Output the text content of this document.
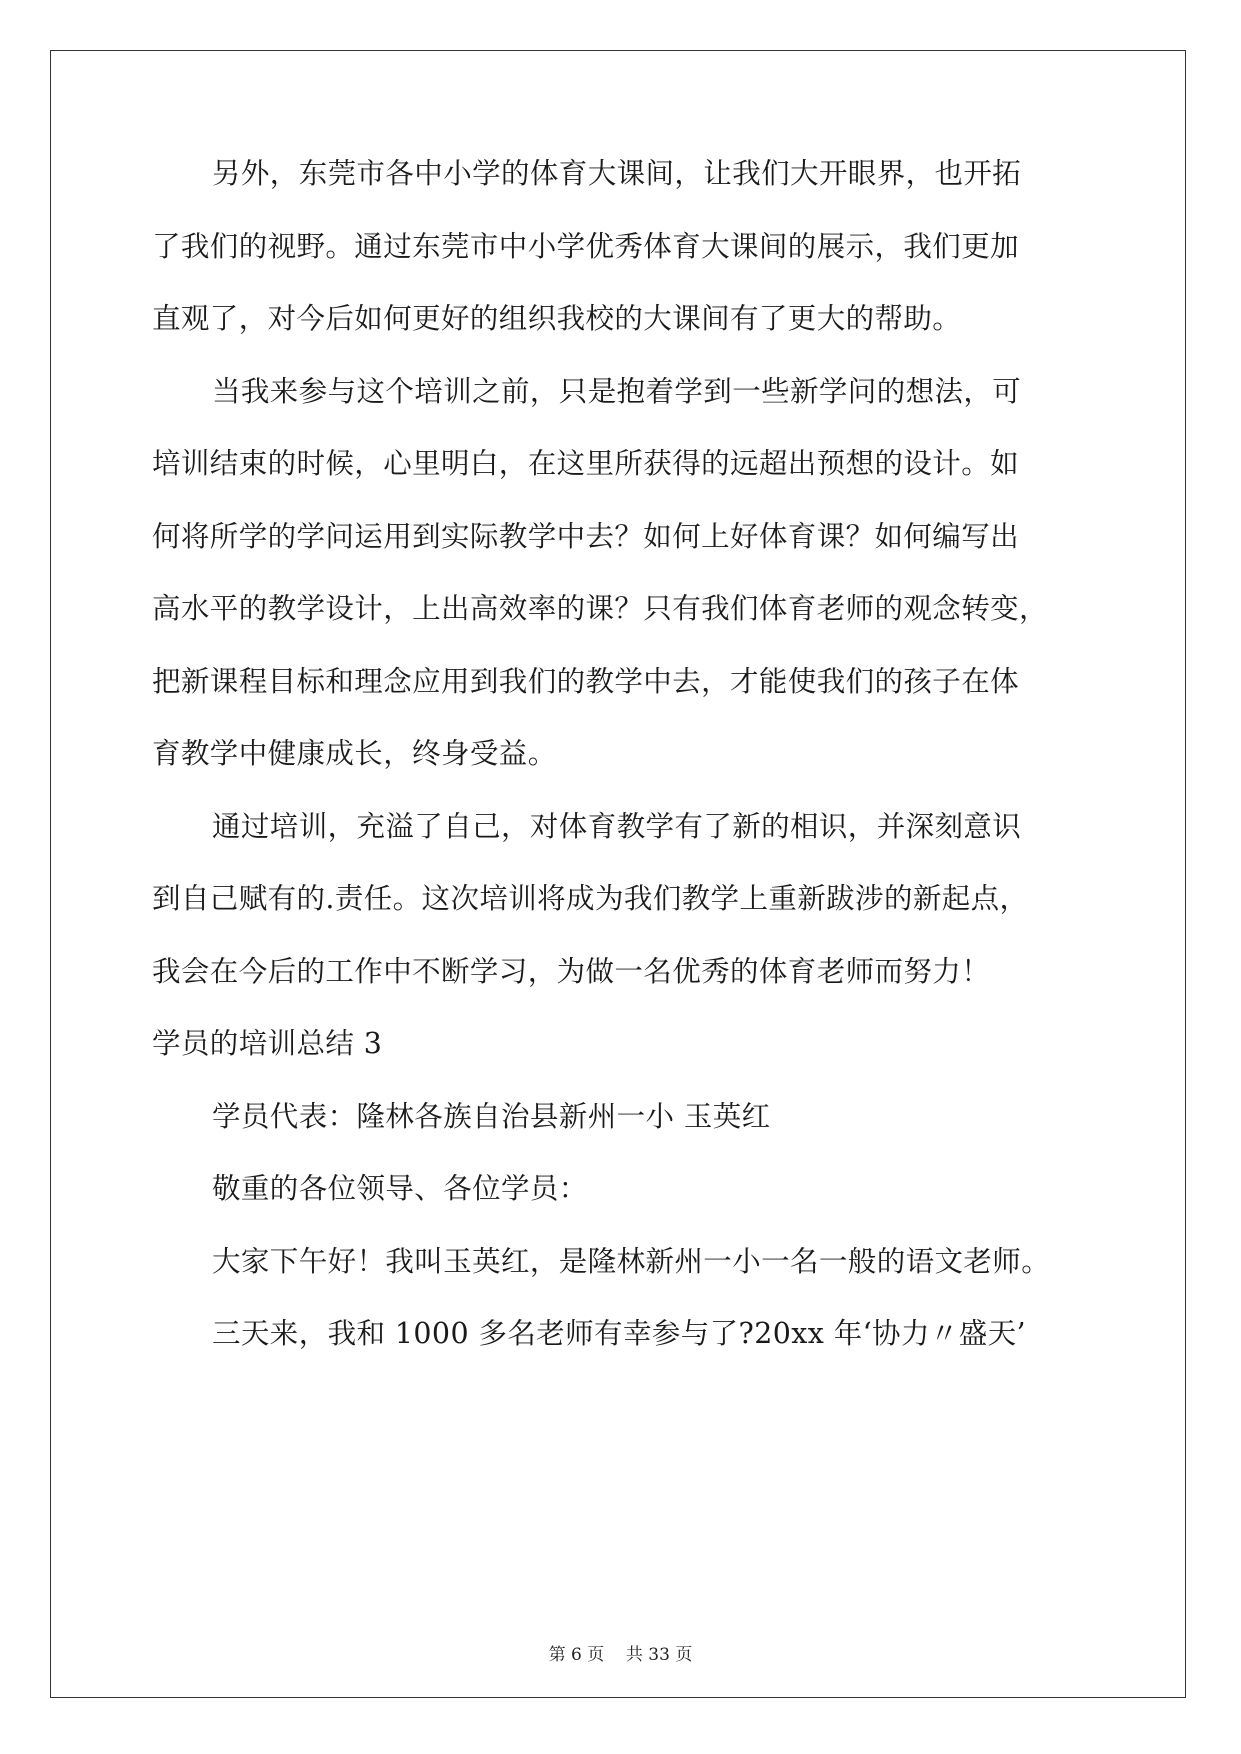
另外，东莞市各中小学的体育大课间，让我们大开眼界，也开拓
了我们的视野。通过东莞市中小学优秀体育大课间的展示，我们更加
直观了，对今后如何更好的组织我校的大课间有了更大的帮助。
当我来参与这个培训之前，只是抱着学到一些新学问的想法，可
培训结束的时候，心里明白，在这里所获得的远超出预想的设计。如
何将所学的学问运用到实际教学中去？如何上好体育课？如何编写出
高水平的教学设计，上出高效率的课？只有我们体育老师的观念转变，
把新课程目标和理念应用到我们的教学中去，才能使我们的孩子在体
育教学中健康成长，终身受益。
通过培训，充溢了自己，对体育教学有了新的相识，并深刻意识
到自己赋有的.责任。这次培训将成为我们教学上重新跋涉的新起点，
我会在今后的工作中不断学习，为做一名优秀的体育老师而努力！
学员的培训总结 3
学员代表：隆林各族自治县新州一小 玉英红
敬重的各位领导、各位学员：
大家下午好！我叫玉英红，是隆林新州一小一名一般的语文老师。
三天来，我和 1000 多名老师有幸参与了?20xx 年‘协力〃盛天’
第 6 页 共 33 页
